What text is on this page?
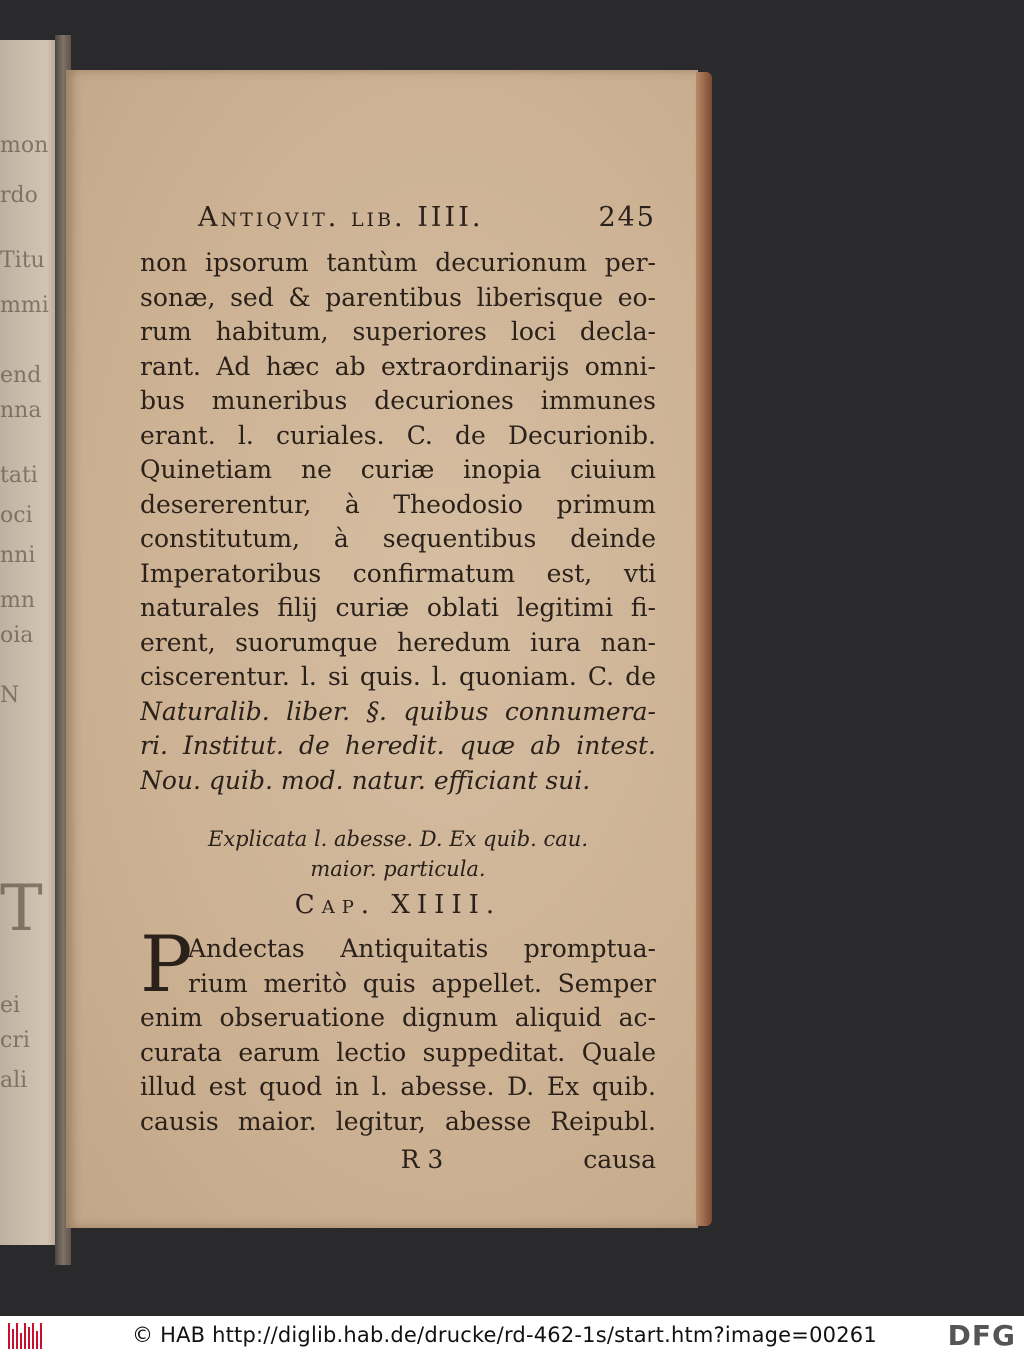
mon
rdo
Titu
mmi
end
nna
tati
oci
nni
mn
oia
N
T
ei
cri
ali
Antiqvit. lib. IIII.	245
non ipsorum tantùm decurionum per-
sonæ, sed & parentibus liberisque eo-
rum habitum, superiores loci decla-
rant. Ad hæc ab extraordinarijs omni-
bus muneribus decuriones immunes
erant. l. curiales. C. de Decurionib.
Quinetiam ne curiæ inopia ciuium
desererentur, à Theodosio primum
constitutum, à sequentibus deinde
Imperatoribus confirmatum est, vti
naturales filij curiæ oblati legitimi fi-
erent, suorumque heredum iura nan-
ciscerentur. l. si quis. l. quoniam. C. de
Naturalib. liber. §. quibus connumera-
ri. Institut. de heredit. quæ ab intest.
Nou. quib. mod. natur. efficiant sui.
Explicata l. abesse. D. Ex quib. cau.
maior. particula.
Cap. XIIII.
P
Andectas Antiquitatis promptua-
rium meritò quis appellet. Semper
enim obseruatione dignum aliquid ac-
curata earum lectio suppeditat. Quale
illud est quod in l. abesse. D. Ex quib.
causis maior. legitur, abesse Reipubl.
R 3	causa
© HAB http://diglib.hab.de/drucke/rd-462-1s/start.htm?image=00261	DFG
